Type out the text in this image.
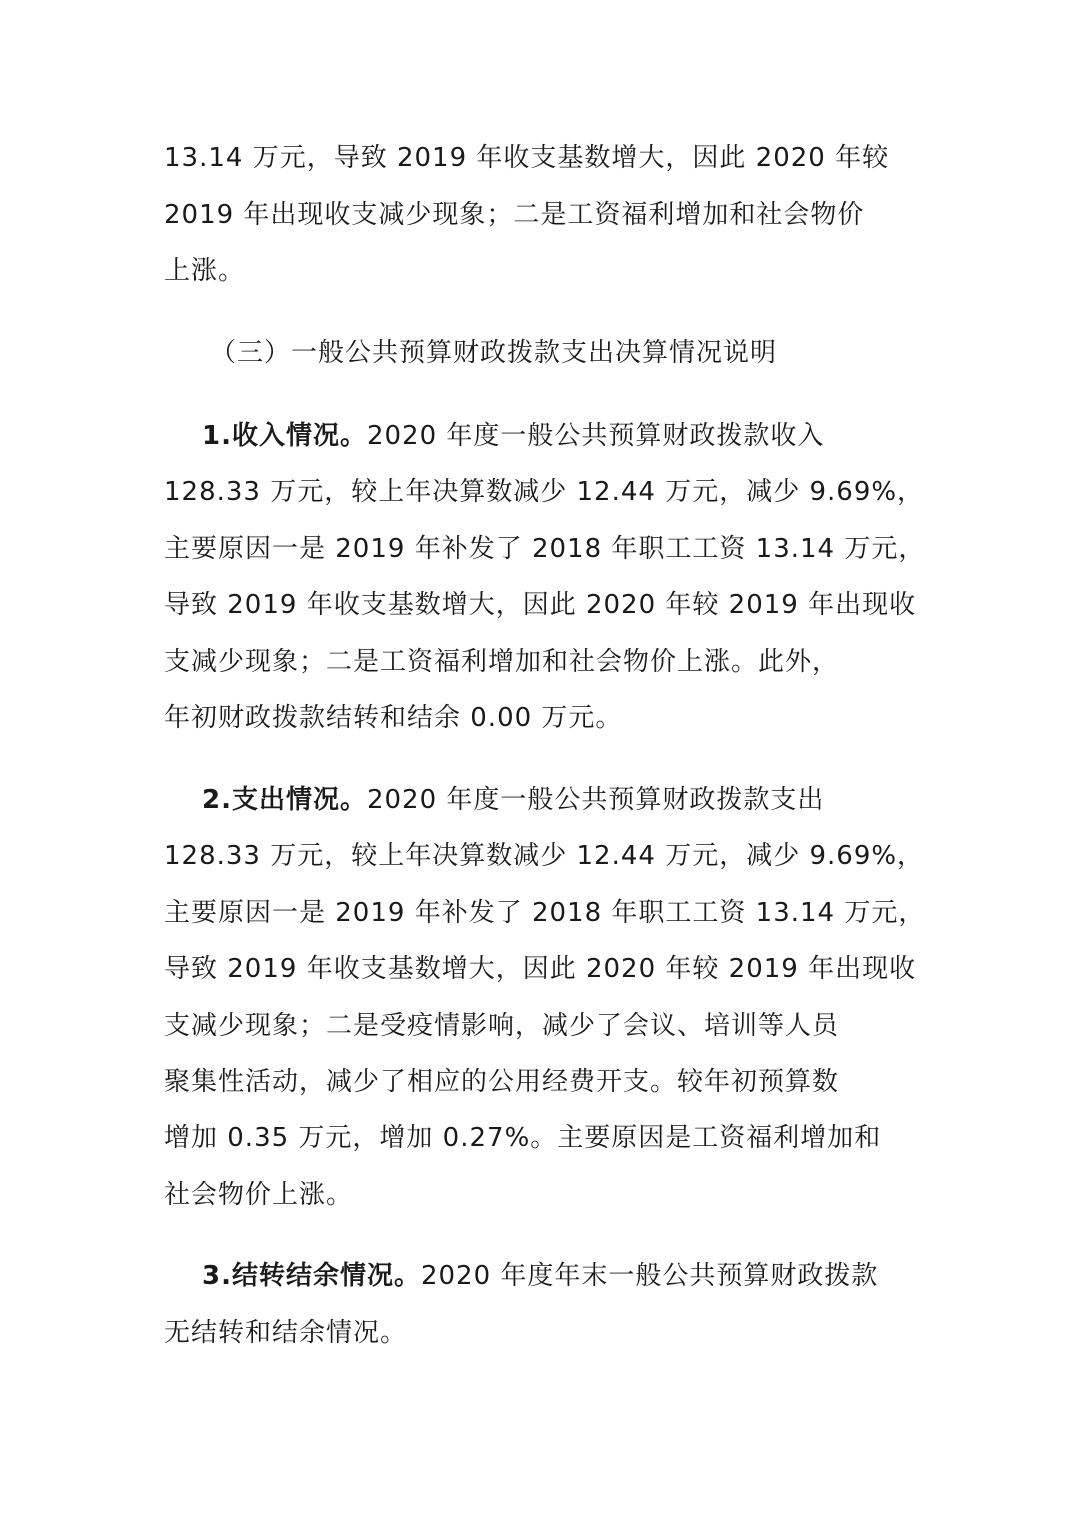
13.14 万元，导致 2019 年收支基数增大，因此 2020 年较
2019 年出现收支减少现象；二是工资福利增加和社会物价
上涨。
（三）一般公共预算财政拨款支出决算情况说明
1.收入情况。2020 年度一般公共预算财政拨款收入
128.33 万元，较上年决算数减少 12.44 万元，减少 9.69%，
主要原因一是 2019 年补发了 2018 年职工工资 13.14 万元，
导致 2019 年收支基数增大，因此 2020 年较 2019 年出现收
支减少现象；二是工资福利增加和社会物价上涨。此外，
年初财政拨款结转和结余 0.00 万元。
2.支出情况。2020 年度一般公共预算财政拨款支出
128.33 万元，较上年决算数减少 12.44 万元，减少 9.69%，
主要原因一是 2019 年补发了 2018 年职工工资 13.14 万元，
导致 2019 年收支基数增大，因此 2020 年较 2019 年出现收
支减少现象；二是受疫情影响，减少了会议、培训等人员
聚集性活动，减少了相应的公用经费开支。较年初预算数
增加 0.35 万元，增加 0.27%。主要原因是工资福利增加和
社会物价上涨。
3.结转结余情况。2020 年度年末一般公共预算财政拨款
无结转和结余情况。
